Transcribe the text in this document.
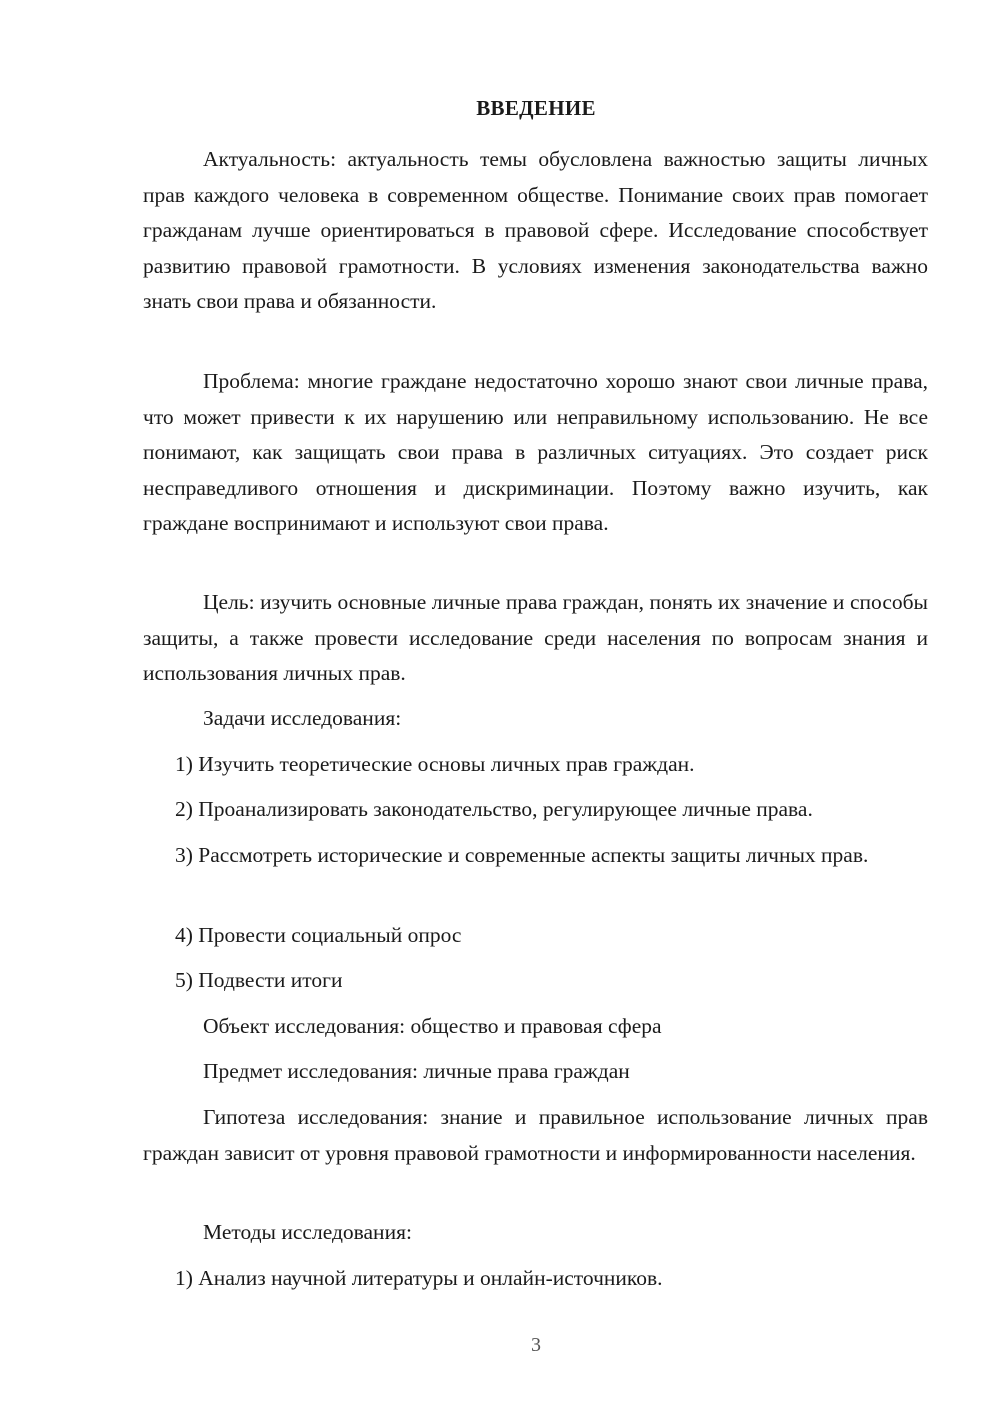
ВВЕДЕНИЕ
Актуальность: актуальность темы обусловлена важностью защиты личных прав каждого человека в современном обществе. Понимание своих прав помогает гражданам лучше ориентироваться в правовой сфере. Исследование способствует развитию правовой грамотности. В условиях изменения законодательства важно знать свои права и обязанности.
Проблема: многие граждане недостаточно хорошо знают свои личные права, что может привести к их нарушению или неправильному использованию. Не все понимают, как защищать свои права в различных ситуациях. Это создает риск несправедливого отношения и дискриминации. Поэтому важно изучить, как граждане воспринимают и используют свои права.
Цель: изучить основные личные права граждан, понять их значение и способы защиты, а также провести исследование среди населения по вопросам знания и использования личных прав.
Задачи исследования:
1) Изучить теоретические основы личных прав граждан.
2) Проанализировать законодательство, регулирующее личные права.
3) Рассмотреть исторические и современные аспекты защиты личных прав.
4) Провести социальный опрос
5) Подвести итоги
Объект исследования: общество и правовая сфера
Предмет исследования: личные права граждан
Гипотеза исследования: знание и правильное использование личных прав граждан зависит от уровня правовой грамотности и информированности населения.
Методы исследования:
1) Анализ научной литературы и онлайн-источников.
3
